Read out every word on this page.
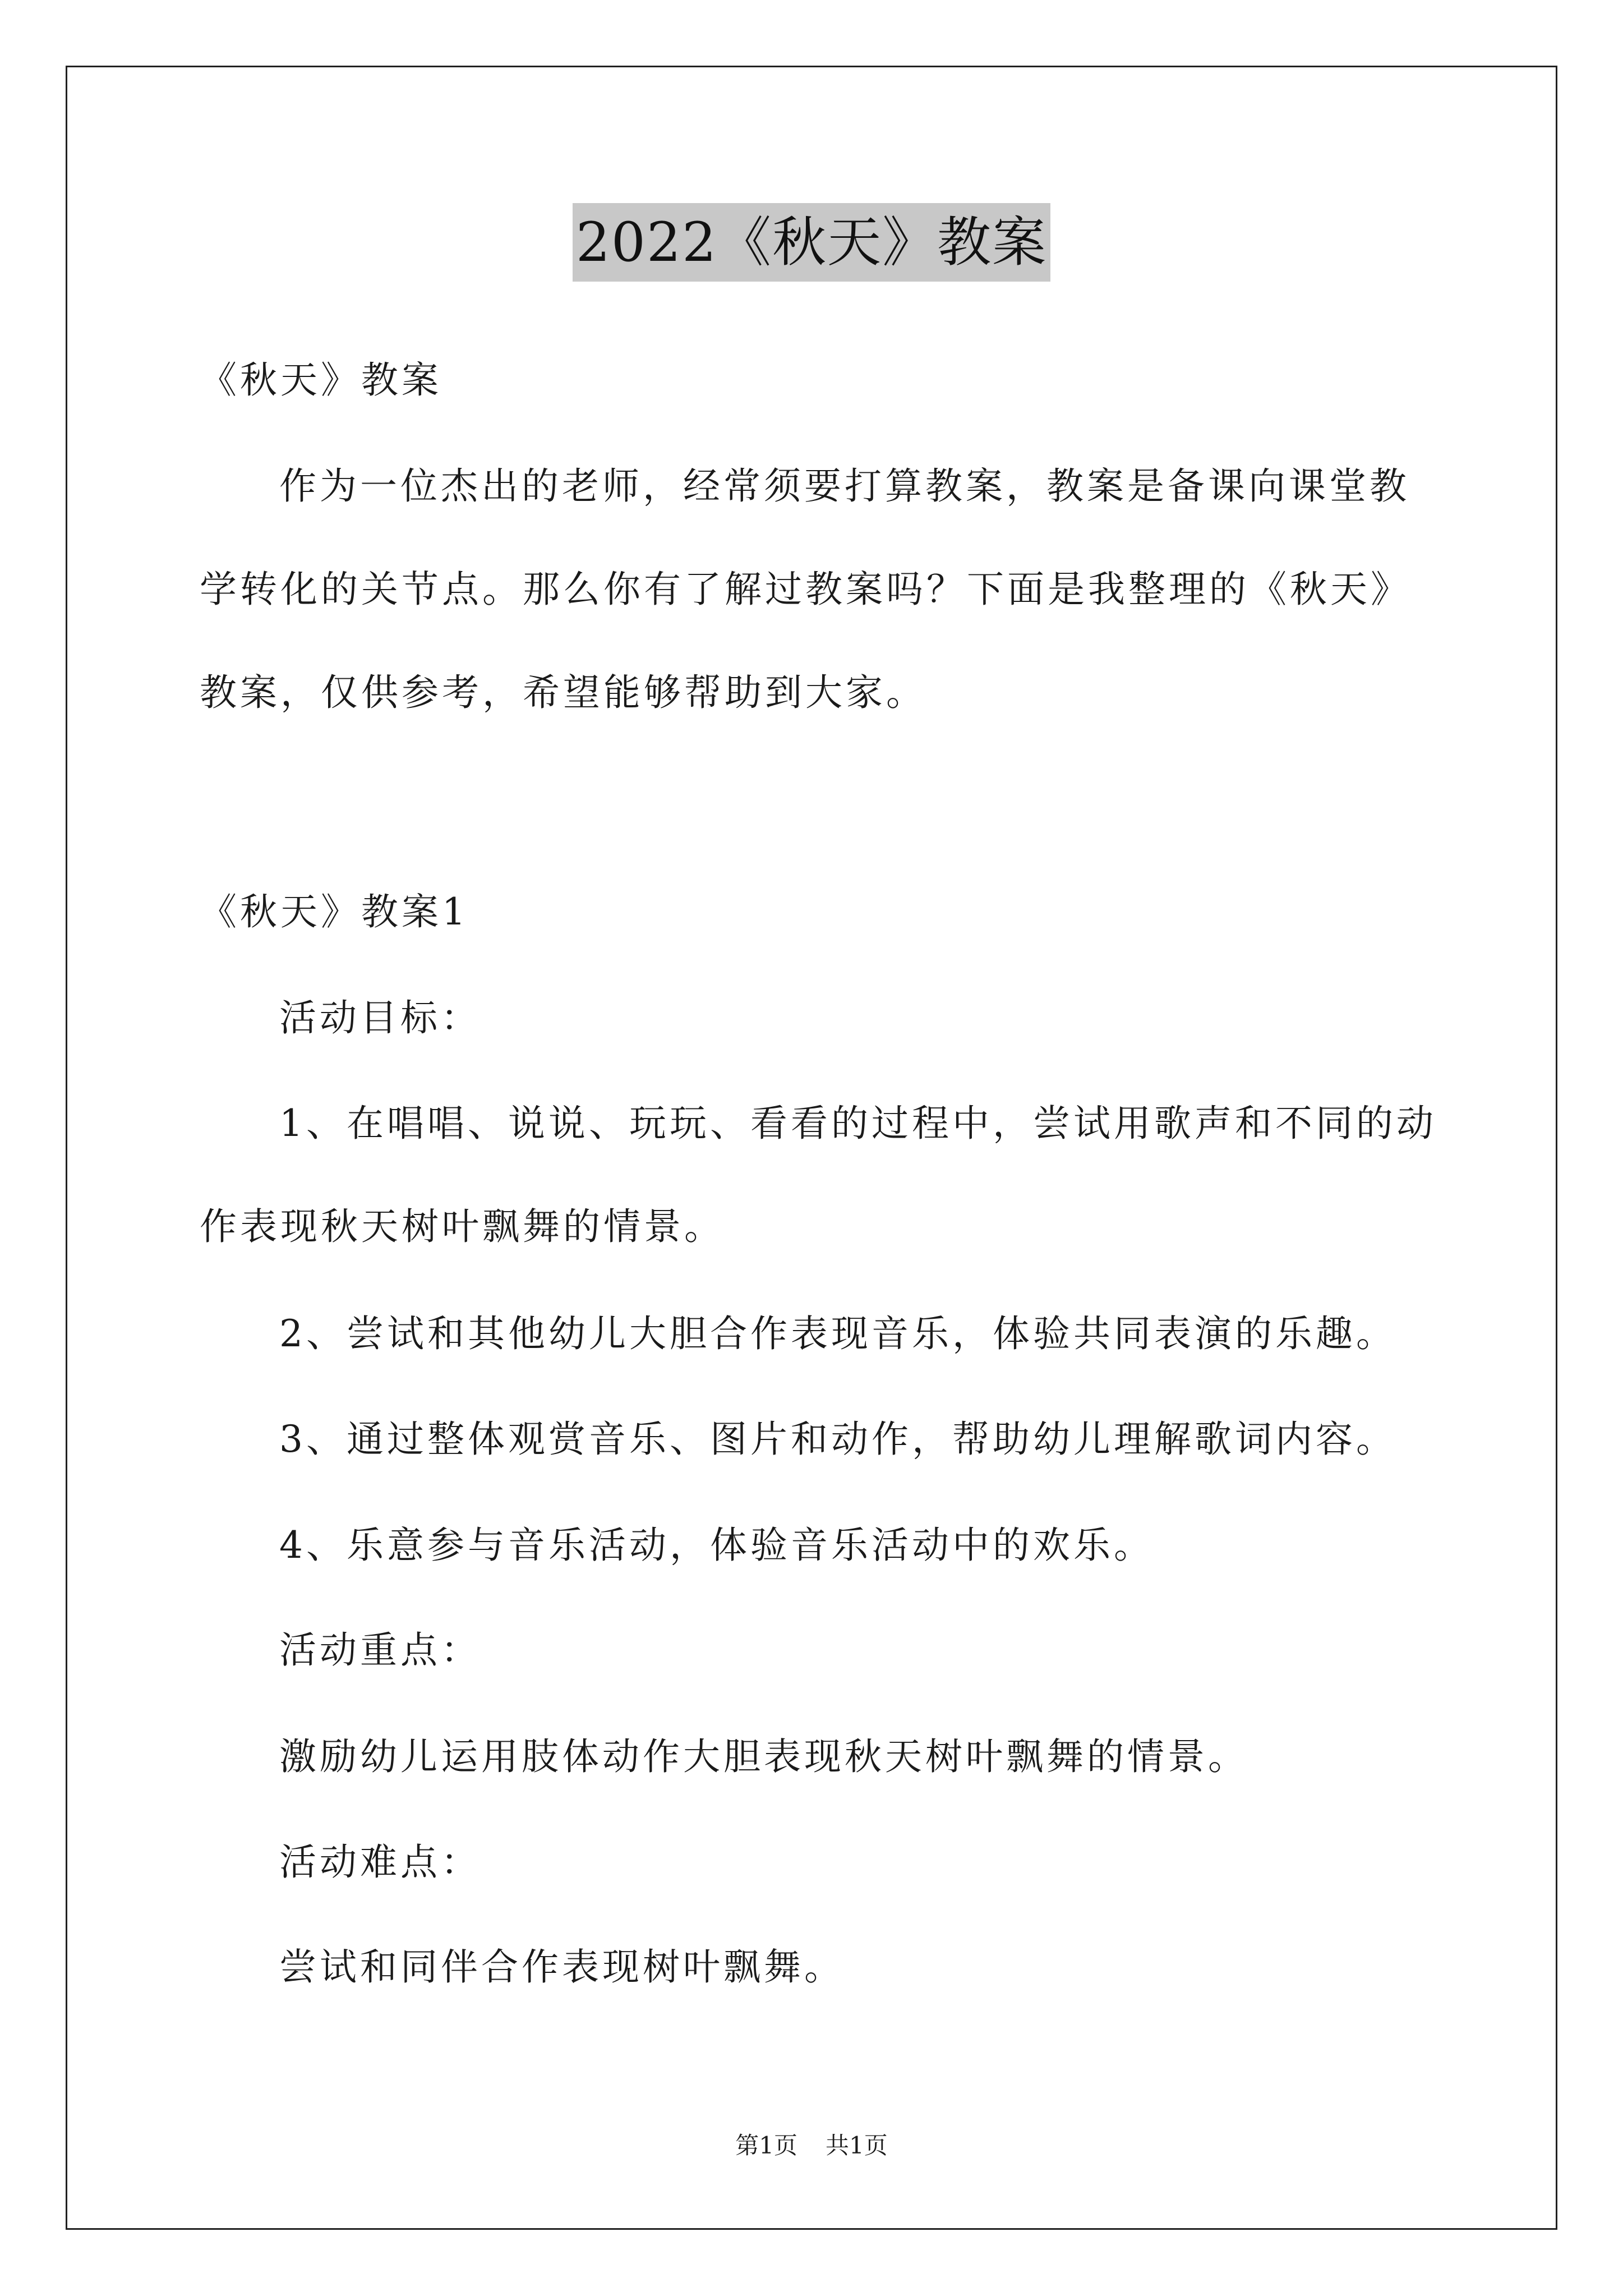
2022《秋天》教案
《秋天》教案
作为一位杰出的老师，经常须要打算教案，教案是备课向课堂教
学转化的关节点。那么你有了解过教案吗？下面是我整理的《秋天》
教案，仅供参考，希望能够帮助到大家。
《秋天》教案1
活动目标：
1、在唱唱、说说、玩玩、看看的过程中，尝试用歌声和不同的动
作表现秋天树叶飘舞的情景。
2、尝试和其他幼儿大胆合作表现音乐，体验共同表演的乐趣。
3、通过整体观赏音乐、图片和动作，帮助幼儿理解歌词内容。
4、乐意参与音乐活动，体验音乐活动中的欢乐。
活动重点：
激励幼儿运用肢体动作大胆表现秋天树叶飘舞的情景。
活动难点：
尝试和同伴合作表现树叶飘舞。
第1页 共1页
